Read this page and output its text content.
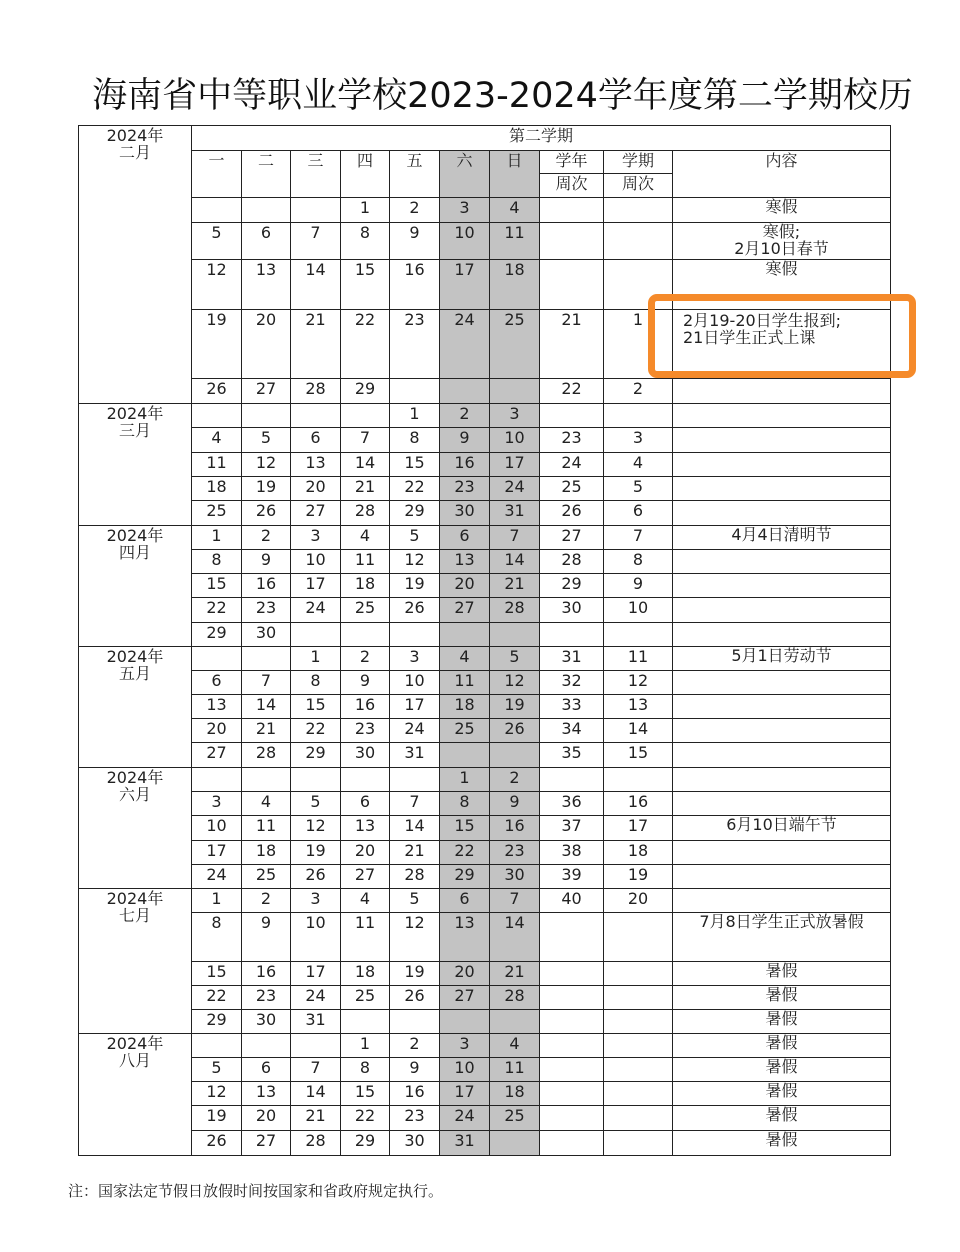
海南省中等职业学校2023-2024学年度第二学期校历
2024年
二月	第二学期									
	一	二	三	四	五	六	日	学年	学期	内容
								周次	周次	
				1	2	3	4			寒假
	5	6	7	8	9	10	11			寒假;
2月10日春节
	12	13	14	15	16	17	18			寒假
	19	20	21	22	23	24	25	21	1	2月19-20日学生报到;
21日学生正式上课
	26	27	28	29				22	2	

2024年
三月					1	2	3			
	4	5	6	7	8	9	10	23	3	
	11	12	13	14	15	16	17	24	4	
	18	19	20	21	22	23	24	25	5	
	25	26	27	28	29	30	31	26	6	

2024年
四月	1	2	3	4	5	6	7	27	7	4月4日清明节
	8	9	10	11	12	13	14	28	8	
	15	16	17	18	19	20	21	29	9	
	22	23	24	25	26	27	28	30	10	
	29	30								

2024年
五月			1	2	3	4	5	31	11	5月1日劳动节
	6	7	8	9	10	11	12	32	12	
	13	14	15	16	17	18	19	33	13	
	20	21	22	23	24	25	26	34	14	
	27	28	29	30	31			35	15	

2024年
六月						1	2			
	3	4	5	6	7	8	9	36	16	
	10	11	12	13	14	15	16	37	17	6月10日端午节
	17	18	19	20	21	22	23	38	18	
	24	25	26	27	28	29	30	39	19	

2024年
七月	1	2	3	4	5	6	7	40	20	
	8	9	10	11	12	13	14			7月8日学生正式放暑假
	15	16	17	18	19	20	21			暑假
	22	23	24	25	26	27	28			暑假
	29	30	31							暑假

2024年
八月				1	2	3	4			暑假
	5	6	7	8	9	10	11			暑假
	12	13	14	15	16	17	18			暑假
	19	20	21	22	23	24	25			暑假
	26	27	28	29	30	31				暑假
注：国家法定节假日放假时间按国家和省政府规定执行。
